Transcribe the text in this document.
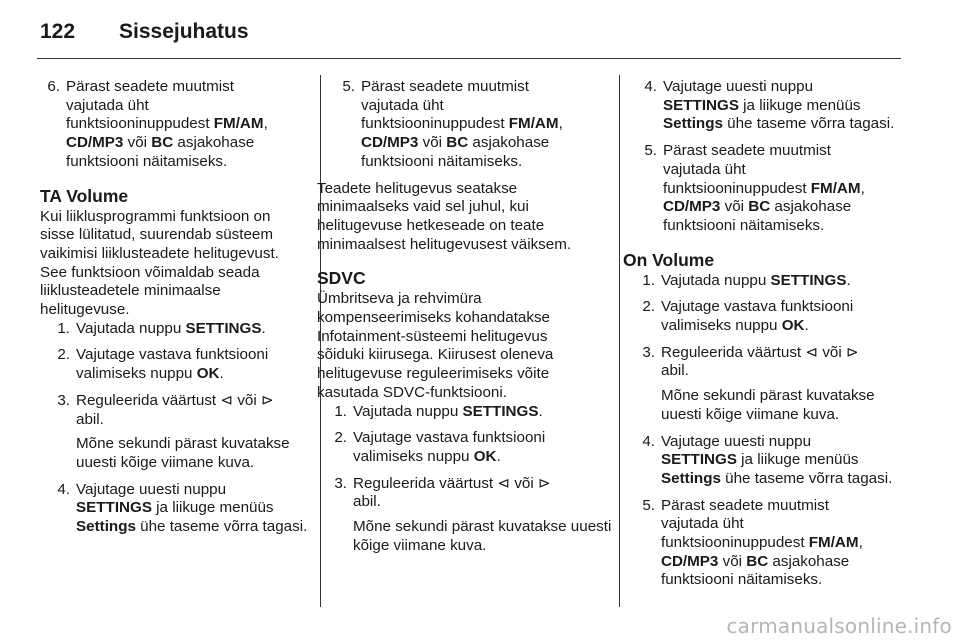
122 Sissejuhatus
6. Pärast seadete muutmist
vajutada üht
funktsiooninuppudest FM/AM,
CD/MP3 või BC asjakohase
funktsiooni näitamiseks.
TA Volume

Kui liiklusprogrammi funktsioon on sisse lülitatud, suurendab süsteem vaikimisi liiklusteadete helitugevust. See funktsioon võimaldab seada liiklusteadetele minimaalse helitugevuse.

1. Vajutada nuppu SETTINGS.
2. Vajutage vastava funktsiooni
valimiseks nuppu OK.
3. Reguleerida väärtust ⊲ või ⊳
abil.
Mõne sekundi pärast kuvatakse uuesti kõige viimane kuva.
4. Vajutage uuesti nuppu
SETTINGS ja liikuge menüüs
Settings ühe taseme võrra tagasi.
5. Pärast seadete muutmist
vajutada üht
funktsiooninuppudest FM/AM,
CD/MP3 või BC asjakohase
funktsiooni näitamiseks.

Teadete helitugevus seatakse minimaalseks vaid sel juhul, kui helitugevuse hetkeseade on teate minimaalsest helitugevusest väiksem.

SDVC

Ümbritseva ja rehvimüra kompenseerimiseks kohandatakse Infotainment-süsteemi helitugevus sõiduki kiirusega. Kiirusest oleneva helitugevuse reguleerimiseks võite kasutada SDVC-funktsiooni.

1. Vajutada nuppu SETTINGS.
2. Vajutage vastava funktsiooni
valimiseks nuppu OK.
3. Reguleerida väärtust ⊲ või ⊳
abil.
Mõne sekundi pärast kuvatakse uuesti kõige viimane kuva.
4. Vajutage uuesti nuppu
SETTINGS ja liikuge menüüs
Settings ühe taseme võrra tagasi.
5. Pärast seadete muutmist
vajutada üht
funktsiooninuppudest FM/AM,
CD/MP3 või BC asjakohase
funktsiooni näitamiseks.
On Volume
1. Vajutada nuppu SETTINGS.
2. Vajutage vastava funktsiooni
valimiseks nuppu OK.
3. Reguleerida väärtust ⊲ või ⊳
abil.
Mõne sekundi pärast kuvatakse uuesti kõige viimane kuva.
4. Vajutage uuesti nuppu
SETTINGS ja liikuge menüüs
Settings ühe taseme võrra tagasi.
5. Pärast seadete muutmist
vajutada üht
funktsiooninuppudest FM/AM,
CD/MP3 või BC asjakohase
funktsiooni näitamiseks.
carmanualsonline.info
